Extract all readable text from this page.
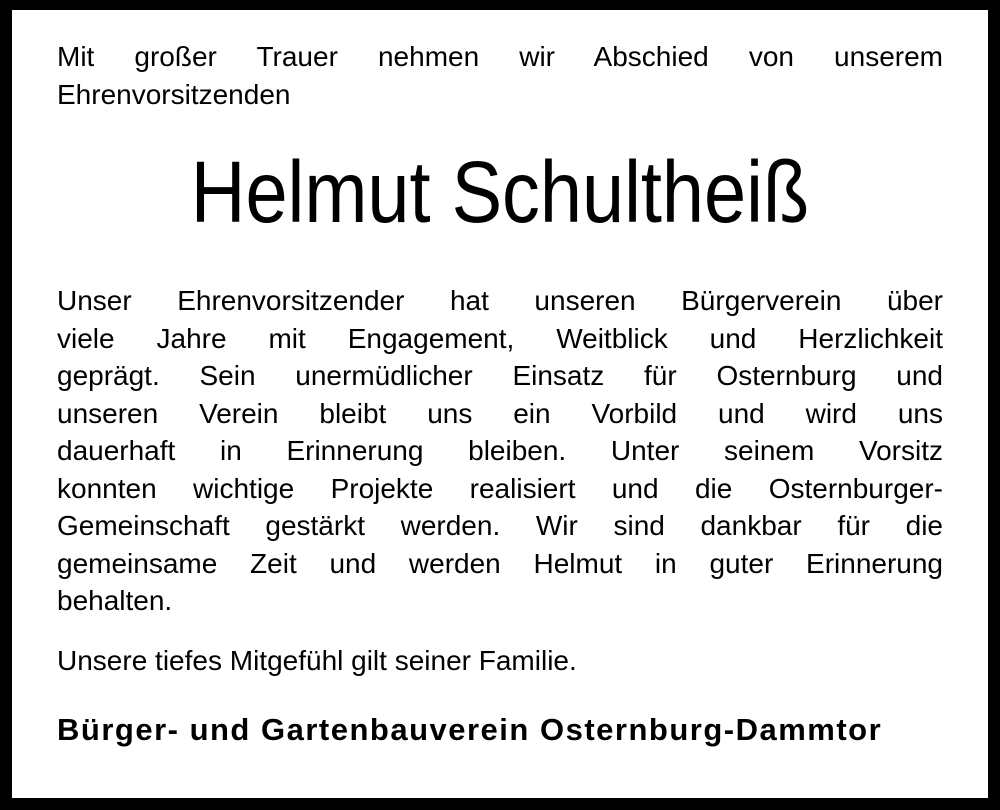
Mit großer Trauer nehmen wir Abschied von unserem
Ehrenvorsitzenden

Helmut Schultheiß
Unser Ehrenvorsitzender hat unseren Bürgerverein über
viele Jahre mit Engagement, Weitblick und Herzlichkeit
geprägt. Sein unermüdlicher Einsatz für Osternburg und
unseren Verein bleibt uns ein Vorbild und wird uns
dauerhaft in Erinnerung bleiben. Unter seinem Vorsitz
konnten wichtige Projekte realisiert und die Osternburger-
Gemeinschaft gestärkt werden. Wir sind dankbar für die
gemeinsame Zeit und werden Helmut in guter Erinnerung
behalten.

Unsere tiefes Mitgefühl gilt seiner Familie.

Bürger- und Gartenbauverein Osternburg-Dammtor
